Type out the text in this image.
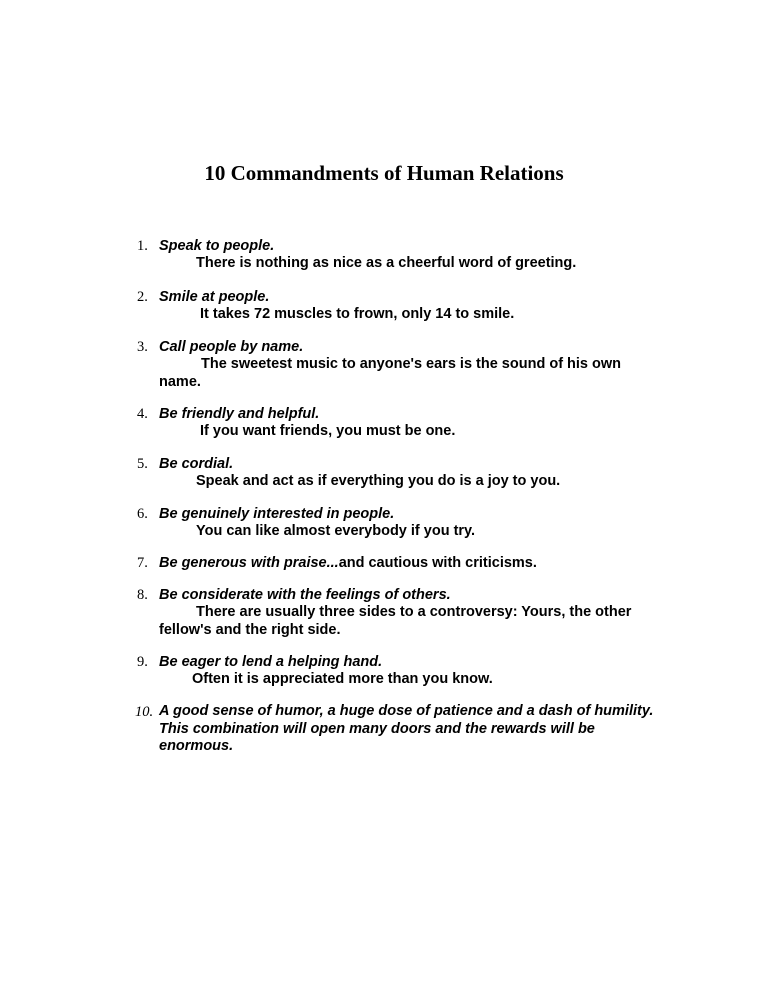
10 Commandments of Human Relations
1. Speak to people.
There is nothing as nice as a cheerful word of greeting.
2. Smile at people.
It takes 72 muscles to frown, only 14 to smile.
3. Call people by name.
The sweetest music to anyone's ears is the sound of his own
name.
4. Be friendly and helpful.
If you want friends, you must be one.
5. Be cordial.
Speak and act as if everything you do is a joy to you.
6. Be genuinely interested in people.
You can like almost everybody if you try.
7. Be generous with praise...and cautious with criticisms.
8. Be considerate with the feelings of others.
There are usually three sides to a controversy: Yours, the other
fellow's and the right side.
9. Be eager to lend a helping hand.
Often it is appreciated more than you know.
10. A good sense of humor, a huge dose of patience and a dash of humility.
This combination will open many doors and the rewards will be
enormous.
